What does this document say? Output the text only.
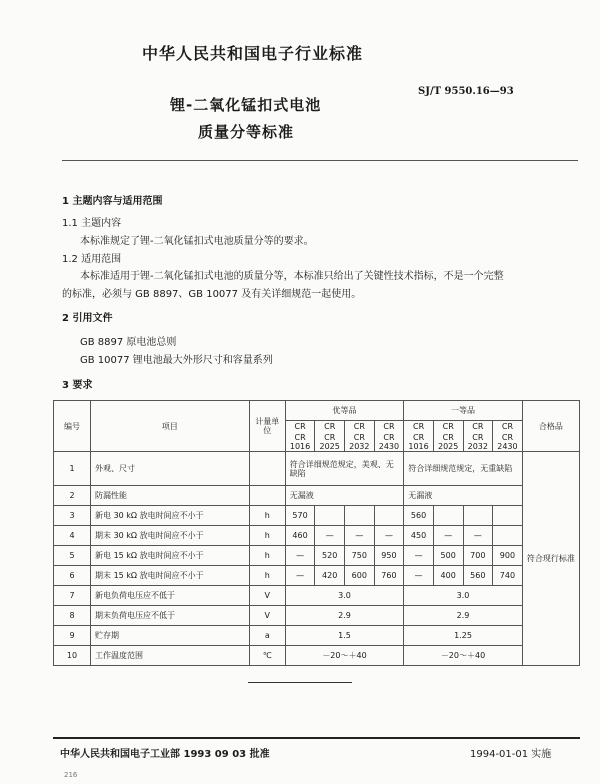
中华人民共和国电子行业标准
SJ/T 9550.16—93
锂-二氧化锰扣式电池
质量分等标准
1 主题内容与适用范围
1.1 主题内容
本标准规定了锂-二氧化锰扣式电池质量分等的要求。
1.2 适用范围
本标准适用于锂-二氧化锰扣式电池的质量分等，本标准只给出了关键性技术指标，不是一个完整
的标准，必须与 GB 8897、GB 10077 及有关详细规范一起使用。
2 引用文件
GB 8897 原电池总则
GB 10077 锂电池最大外形尺寸和容量系列
3 要求
编号	项目	计量单位	优等品				一等品				合格品
			CR	CR	CR	CR	CR	CR	CR	CR	
			CR 1016	CR 2025	CR 2032	CR 2430	CR 1016	CR 2025	CR 2032	CR 2430	
1	外观、尺寸		符合详细规范规定，美观、无缺陷				符合详细规范规定，无重缺陷				符合现行标准
2	防漏性能		无漏液				无漏液				
3	新电 30 kΩ 放电时间应不小于	h	570				560				
4	期末 30 kΩ 放电时间应不小于	h	460	—	—	—	450	—	—		
5	新电 15 kΩ 放电时间应不小于	h	—	520	750	950	—	500	700	900	
6	期末 15 kΩ 放电时间应不小于	h	—	420	600	760	—	400	560	740	
7	新电负荷电压应不低于	V	3.0				3.0				
8	期末负荷电压应不低于	V	2.9				2.9				
9	贮存期	a	1.5				1.25				
10	工作温度范围	℃	－20～＋40				－20～＋40				
中华人民共和国电子工业部 1993 09 03 批准	1994-01-01 实施
216
